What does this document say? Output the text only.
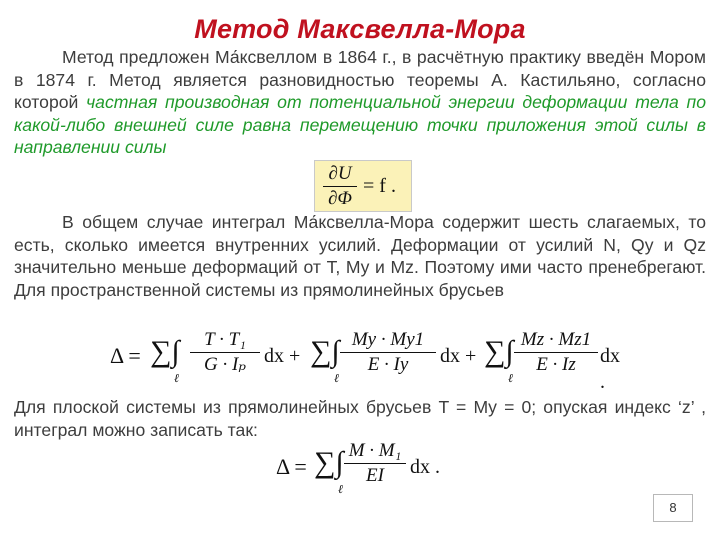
Метод Максвелла-Мора

Метод предложен Ма́ксвеллом в 1864 г., в расчётную практику введён Мором в 1874 г. Метод является разновидностью теоремы А. Кастильяно, согласно которой частная производная от потенциальной энергии деформации тела по какой-либо внешней силе равна перемещению точки приложения этой силы в направлении силы

∂U
∂Φ
= f .

В общем случае интеграл Ма́ксвелла-Мора содержит шесть слагаемых, то есть, сколько имеется внутренних усилий. Деформации от усилий N, Qy и Qz значительно меньше деформаций от T, My и Mz. Поэтому ими часто пренебрегают. Для пространственной системы из прямолинейных брусьев

Δ = ∑∫
ℓ
T · T₁
G · Iₚ dx + ∑∫
ℓ
My · My1
E · Iy	dx + ∑∫
ℓ
Mz · Mz1
E · Iz	dx .

Для плоской системы из прямолинейных брусьев T = My = 0; опуская индекс ‘z’ , интеграл можно записать так:

Δ = ∑∫
ℓ
M · M₁
EI	dx .
8
